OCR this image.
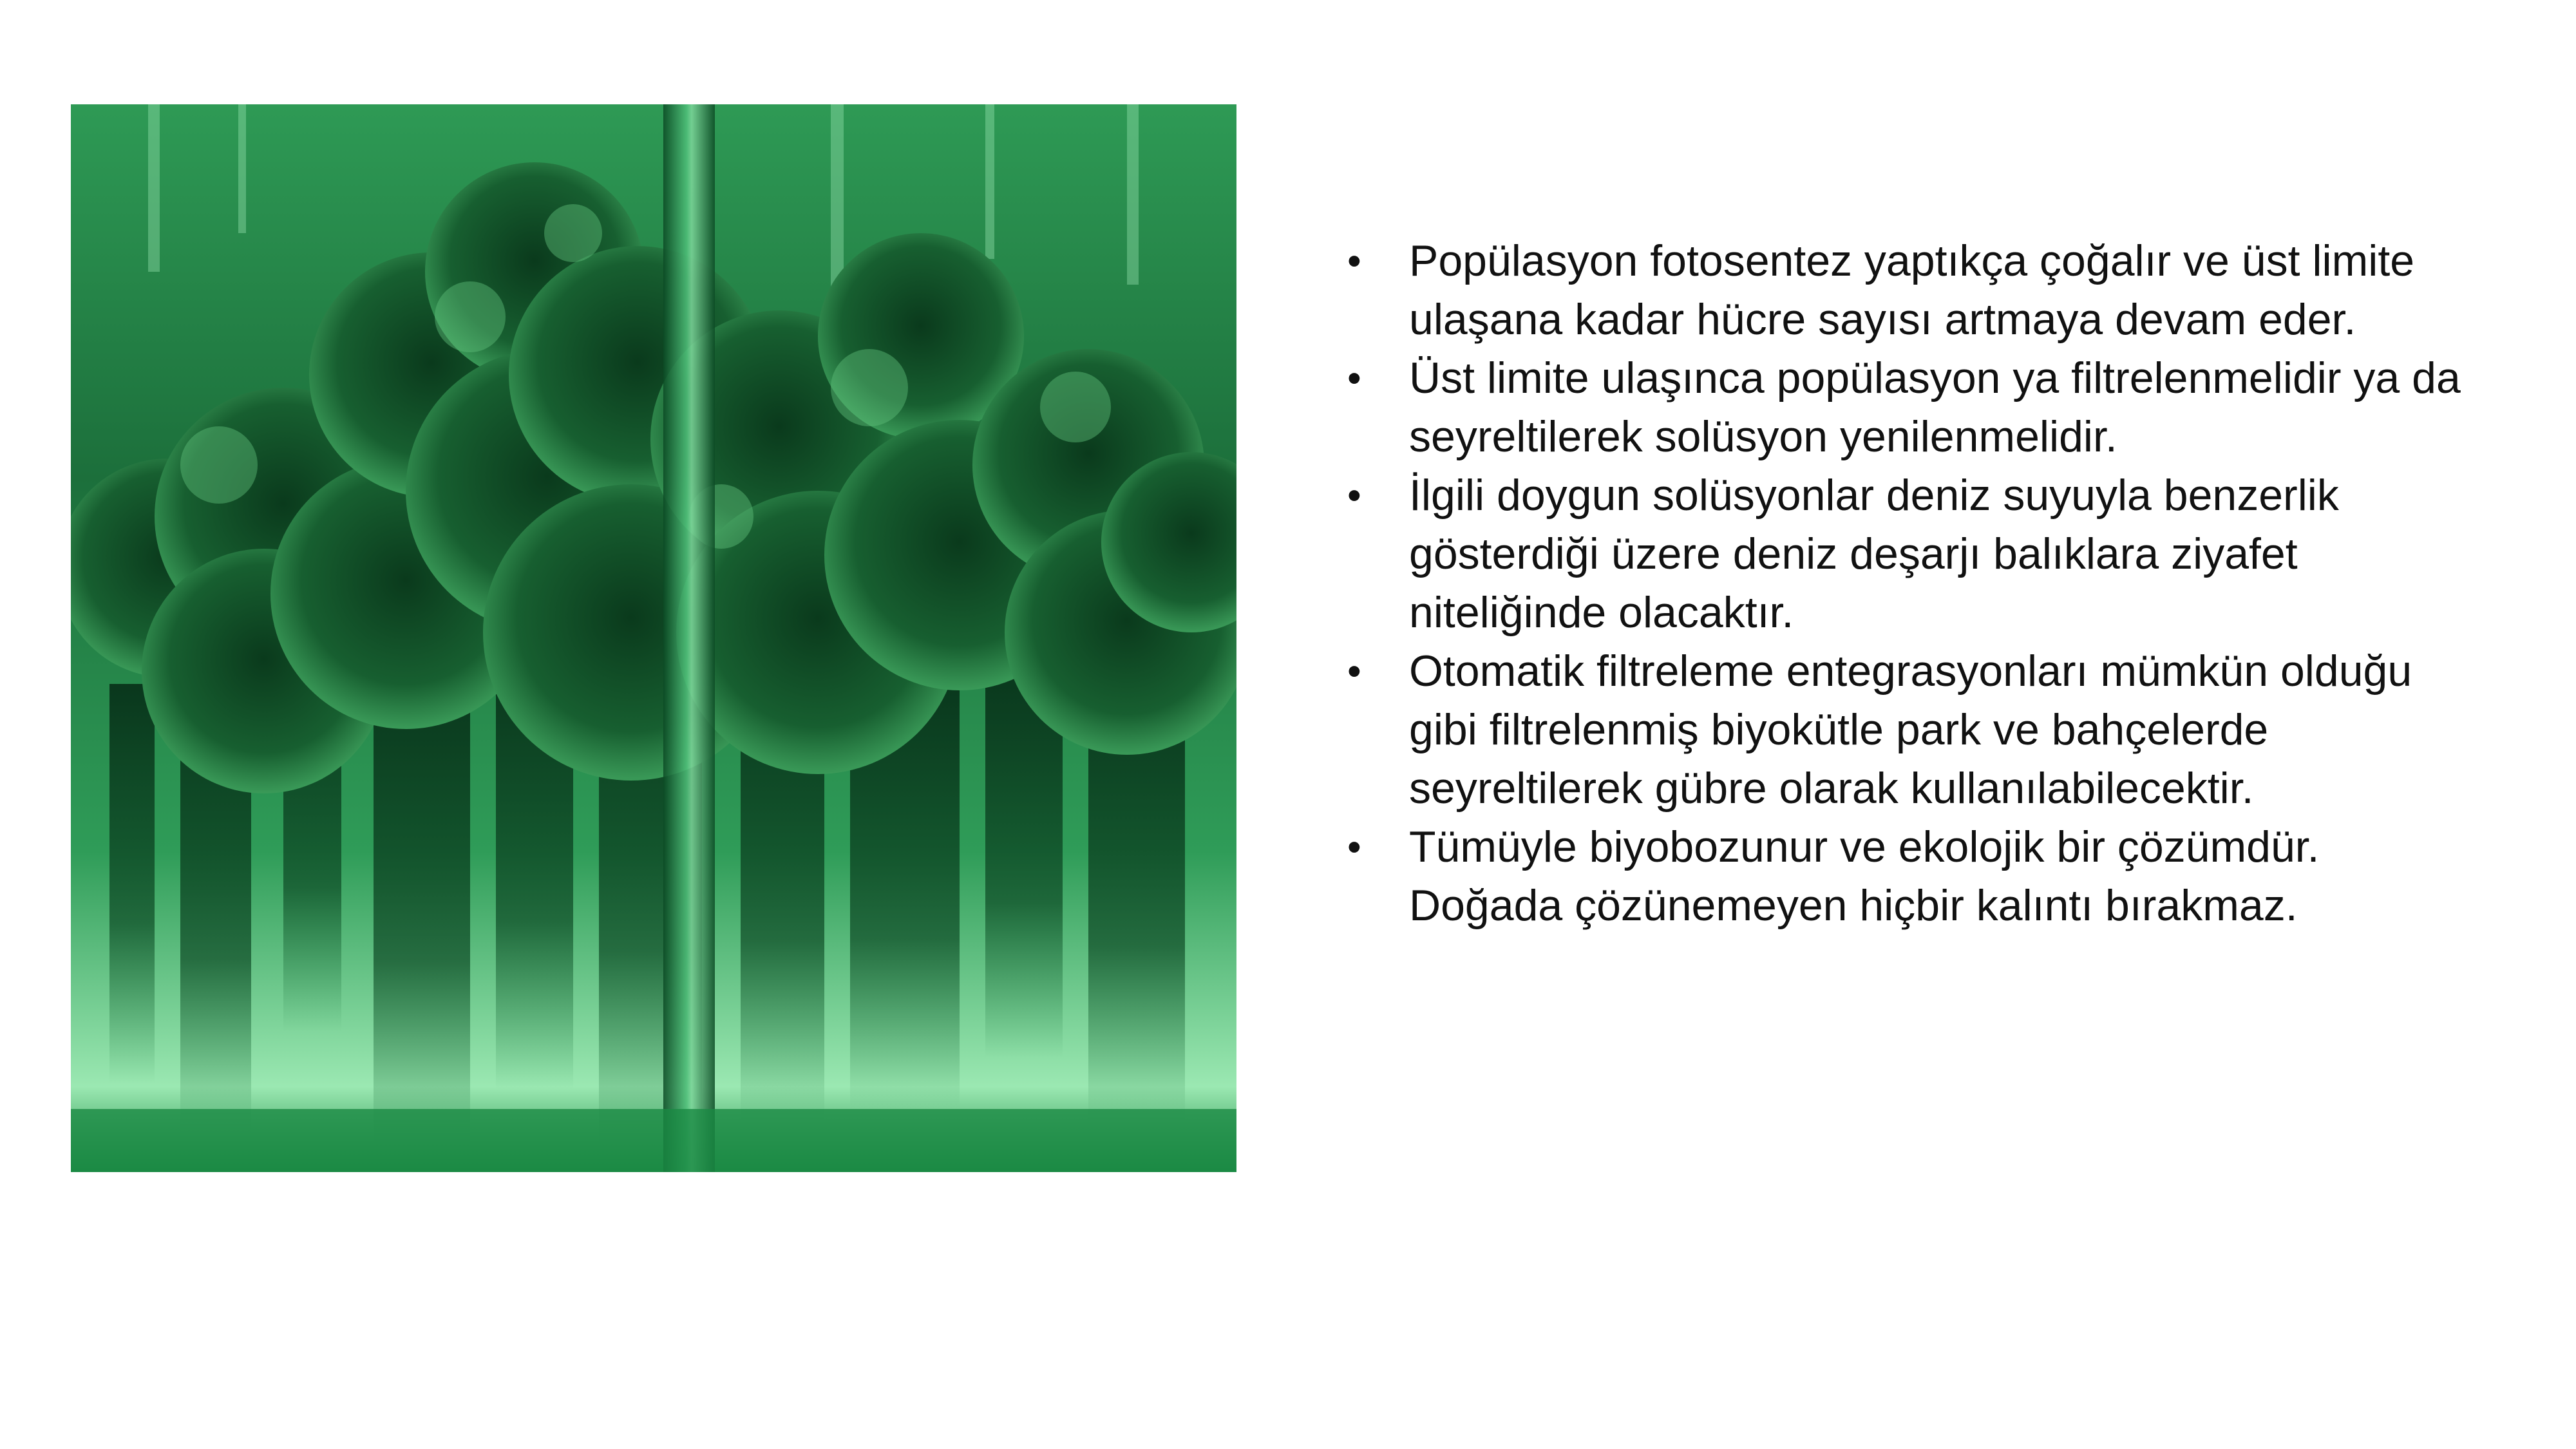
• Popülasyon fotosentez yaptıkça çoğalır ve üst limite ulaşana kadar hücre sayısı artmaya devam eder.
• Üst limite ulaşınca popülasyon ya filtrelenmelidir ya da seyreltilerek solüsyon yenilenmelidir.
• İlgili doygun solüsyonlar deniz suyuyla benzerlik gösterdiği üzere deniz deşarjı balıklara ziyafet niteliğinde olacaktır.
• Otomatik filtreleme entegrasyonları mümkün olduğu gibi filtrelenmiş biyokütle park ve bahçelerde seyreltilerek gübre olarak kullanılabilecektir.
• Tümüyle biyobozunur ve ekolojik bir çözümdür. Doğada çözünemeyen hiçbir kalıntı bırakmaz.
